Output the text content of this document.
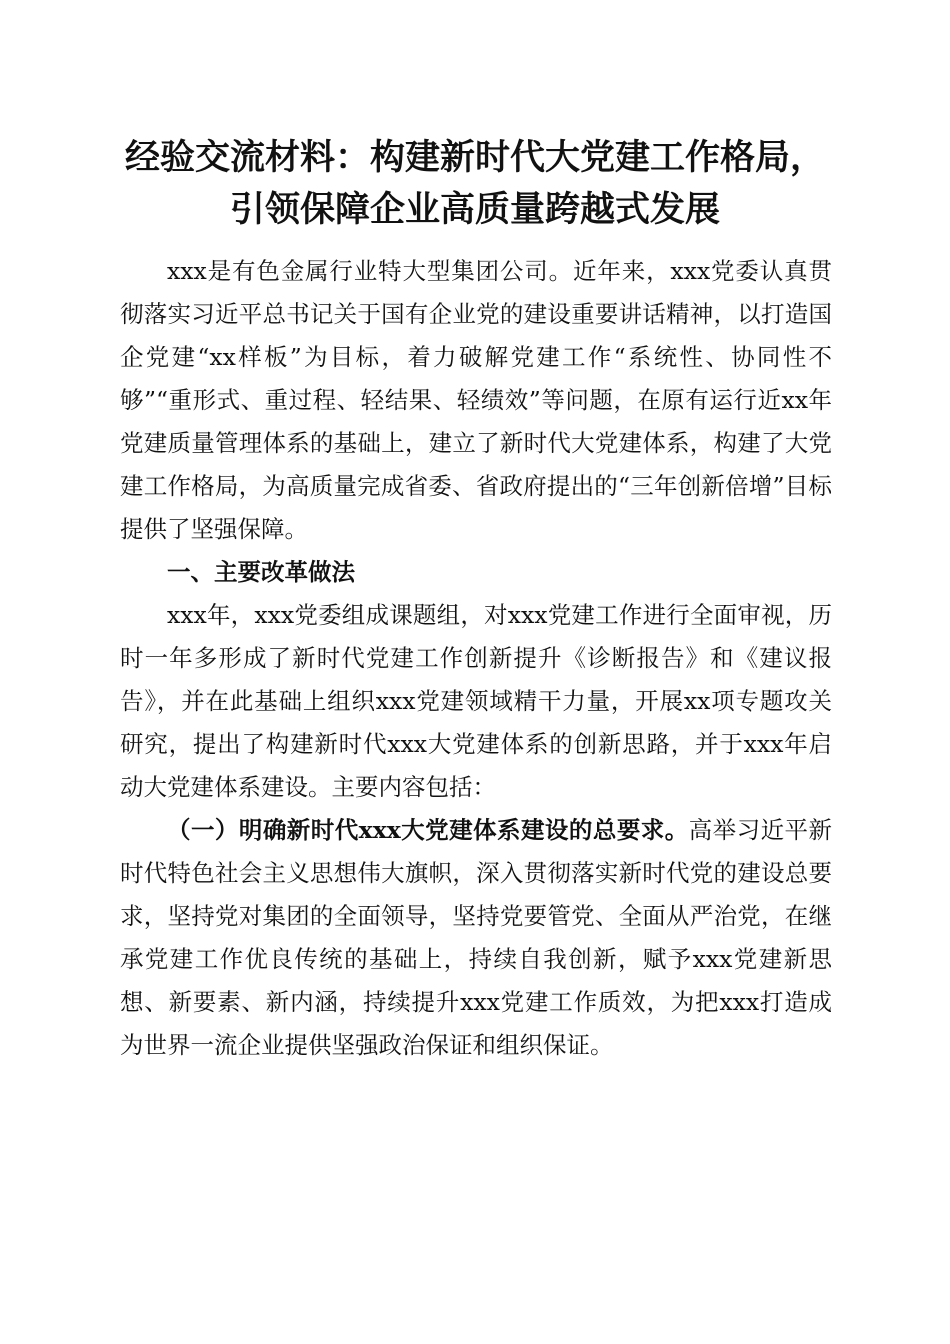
经验交流材料：构建新时代大党建工作格局，
引领保障企业高质量跨越式发展

xxx是有色金属行业特大型集团公司。近年来，xxx党委认真贯彻落实习近平总书记关于国有企业党的建设重要讲话精神，以打造国企党建“xx样板”为目标，着力破解党建工作“系统性、协同性不够”“重形式、重过程、轻结果、轻绩效”等问题，在原有运行近xx年党建质量管理体系的基础上，建立了新时代大党建体系，构建了大党建工作格局，为高质量完成省委、省政府提出的“三年创新倍增”目标提供了坚强保障。

一、主要改革做法

xxx年，xxx党委组成课题组，对xxx党建工作进行全面审视，历时一年多形成了新时代党建工作创新提升《诊断报告》和《建议报告》，并在此基础上组织xxx党建领域精干力量，开展xx项专题攻关研究，提出了构建新时代xxx大党建体系的创新思路，并于xxx年启动大党建体系建设。主要内容包括：

（一）明确新时代xxx大党建体系建设的总要求。高举习近平新时代特色社会主义思想伟大旗帜，深入贯彻落实新时代党的建设总要求，坚持党对集团的全面领导，坚持党要管党、全面从严治党，在继承党建工作优良传统的基础上，持续自我创新，赋予xxx党建新思想、新要素、新内涵，持续提升xxx党建工作质效，为把xxx打造成为世界一流企业提供坚强政治保证和组织保证。
